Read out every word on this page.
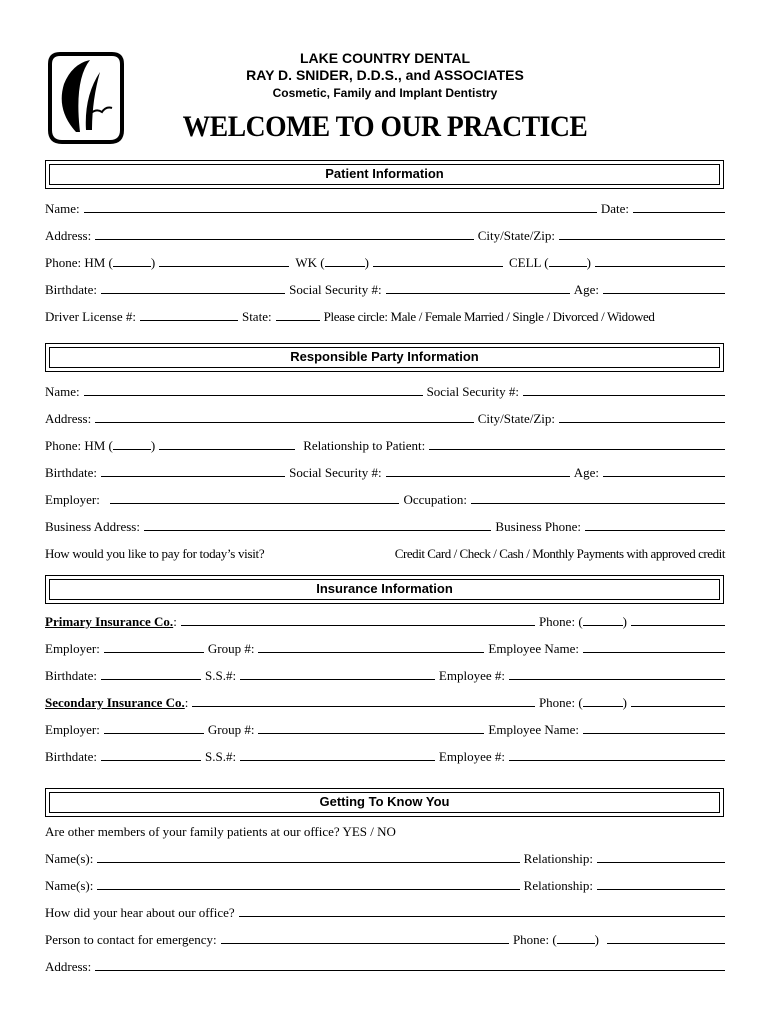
LAKE COUNTRY DENTAL
RAY D. SNIDER, D.D.S., and ASSOCIATES
Cosmetic, Family and Implant Dentistry
WELCOME TO OUR PRACTICE
Patient Information
Name:	Date:
Address:	City/State/Zip:
Phone: HM (	)	WK (	)	CELL (	)
Birthdate:	Social Security #:	Age:
Driver License #:	State:	Please circle: Male / Female Married / Single / Divorced / Widowed
Responsible Party Information
Name:	Social Security #:
Address:	City/State/Zip:
Phone: HM (	)	Relationship to Patient:
Birthdate:	Social Security #:	Age:
Employer:	Occupation:
Business Address:	Business Phone:
How would you like to pay for today’s visit?	Credit Card / Check / Cash / Monthly Payments with approved credit
Insurance Information
Primary Insurance Co. :	Phone: (	)
Employer:	Group #:	Employee Name:
Birthdate:	S.S.#:	Employee #:
Secondary Insurance Co. :	Phone: (	)
Employer:	Group #:	Employee Name:
Birthdate:	S.S.#:	Employee #:
Getting To Know You
Are other members of your family patients at our office? YES / NO
Name(s):	Relationship:
Name(s):	Relationship:
How did your hear about our office?
Person to contact for emergency:	Phone: (	)
Address:
